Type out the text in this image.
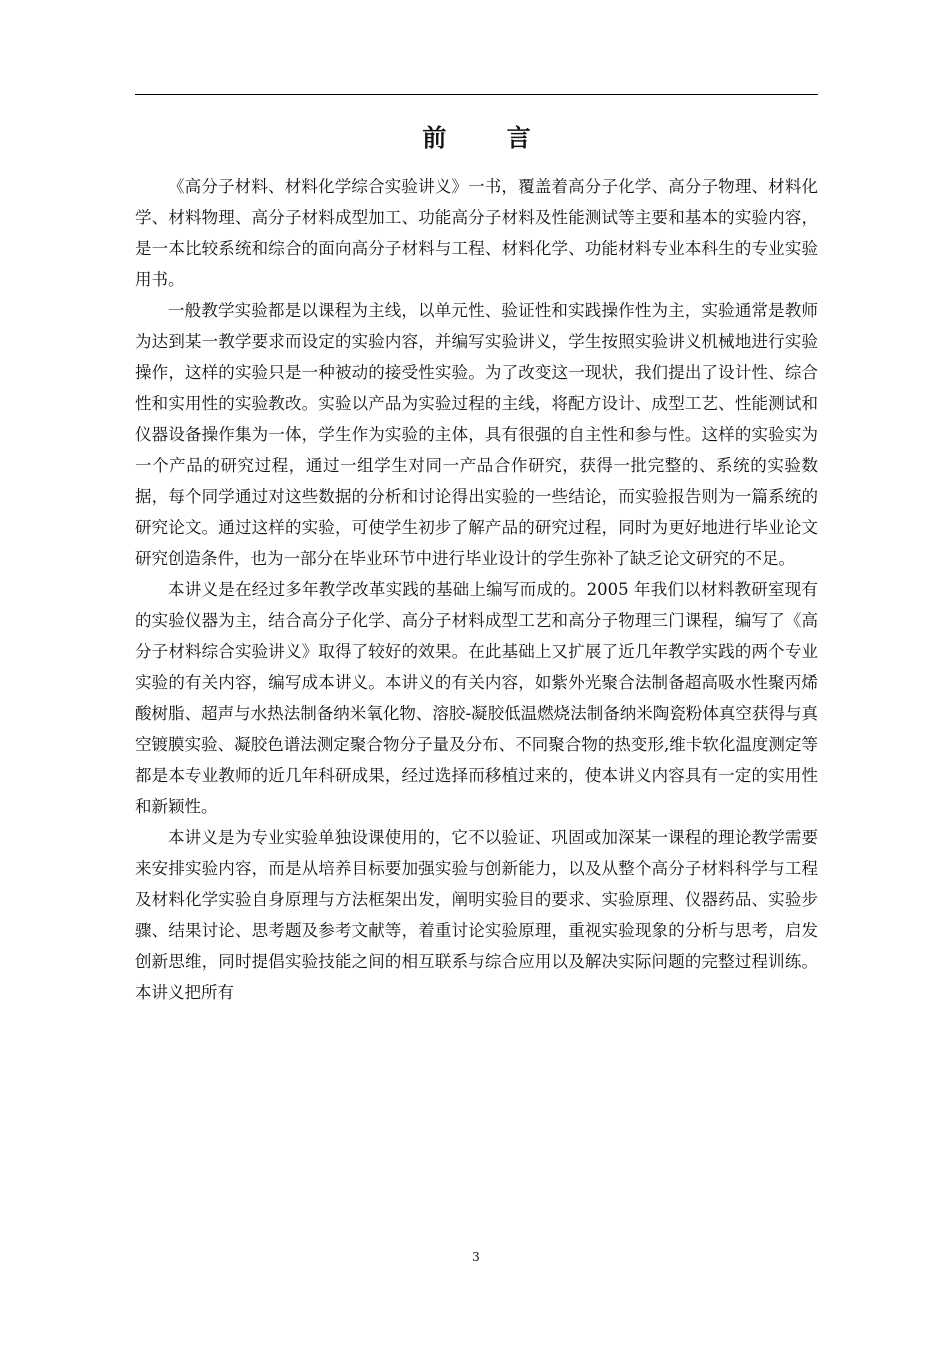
前 言

《高分子材料、材料化学综合实验讲义》一书，覆盖着高分子化学、高分子物理、材料化学、材料物理、高分子材料成型加工、功能高分子材料及性能测试等主要和基本的实验内容，是一本比较系统和综合的面向高分子材料与工程、材料化学、功能材料专业本科生的专业实验用书。

一般教学实验都是以课程为主线，以单元性、验证性和实践操作性为主，实验通常是教师为达到某一教学要求而设定的实验内容，并编写实验讲义，学生按照实验讲义机械地进行实验操作，这样的实验只是一种被动的接受性实验。为了改变这一现状，我们提出了设计性、综合性和实用性的实验教改。实验以产品为实验过程的主线，将配方设计、成型工艺、性能测试和仪器设备操作集为一体，学生作为实验的主体，具有很强的自主性和参与性。这样的实验实为一个产品的研究过程，通过一组学生对同一产品合作研究，获得一批完整的、系统的实验数据，每个同学通过对这些数据的分析和讨论得出实验的一些结论，而实验报告则为一篇系统的研究论文。通过这样的实验，可使学生初步了解产品的研究过程，同时为更好地进行毕业论文研究创造条件，也为一部分在毕业环节中进行毕业设计的学生弥补了缺乏论文研究的不足。

本讲义是在经过多年教学改革实践的基础上编写而成的。2005 年我们以材料教研室现有的实验仪器为主，结合高分子化学、高分子材料成型工艺和高分子物理三门课程，编写了《高分子材料综合实验讲义》取得了较好的效果。在此基础上又扩展了近几年教学实践的两个专业实验的有关内容，编写成本讲义。本讲义的有关内容，如紫外光聚合法制备超高吸水性聚丙烯酸树脂、超声与水热法制备纳米氧化物、溶胶-凝胶低温燃烧法制备纳米陶瓷粉体真空获得与真空镀膜实验、凝胶色谱法测定聚合物分子量及分布、不同聚合物的热变形,维卡软化温度测定等都是本专业教师的近几年科研成果，经过选择而移植过来的，使本讲义内容具有一定的实用性和新颖性。

本讲义是为专业实验单独设课使用的，它不以验证、巩固或加深某一课程的理论教学需要来安排实验内容，而是从培养目标要加强实验与创新能力，以及从整个高分子材料科学与工程及材料化学实验自身原理与方法框架出发，阐明实验目的要求、实验原理、仪器药品、实验步骤、结果讨论、思考题及参考文献等，着重讨论实验原理，重视实验现象的分析与思考，启发创新思维，同时提倡实验技能之间的相互联系与综合应用以及解决实际问题的完整过程训练。本讲义把所有

3
